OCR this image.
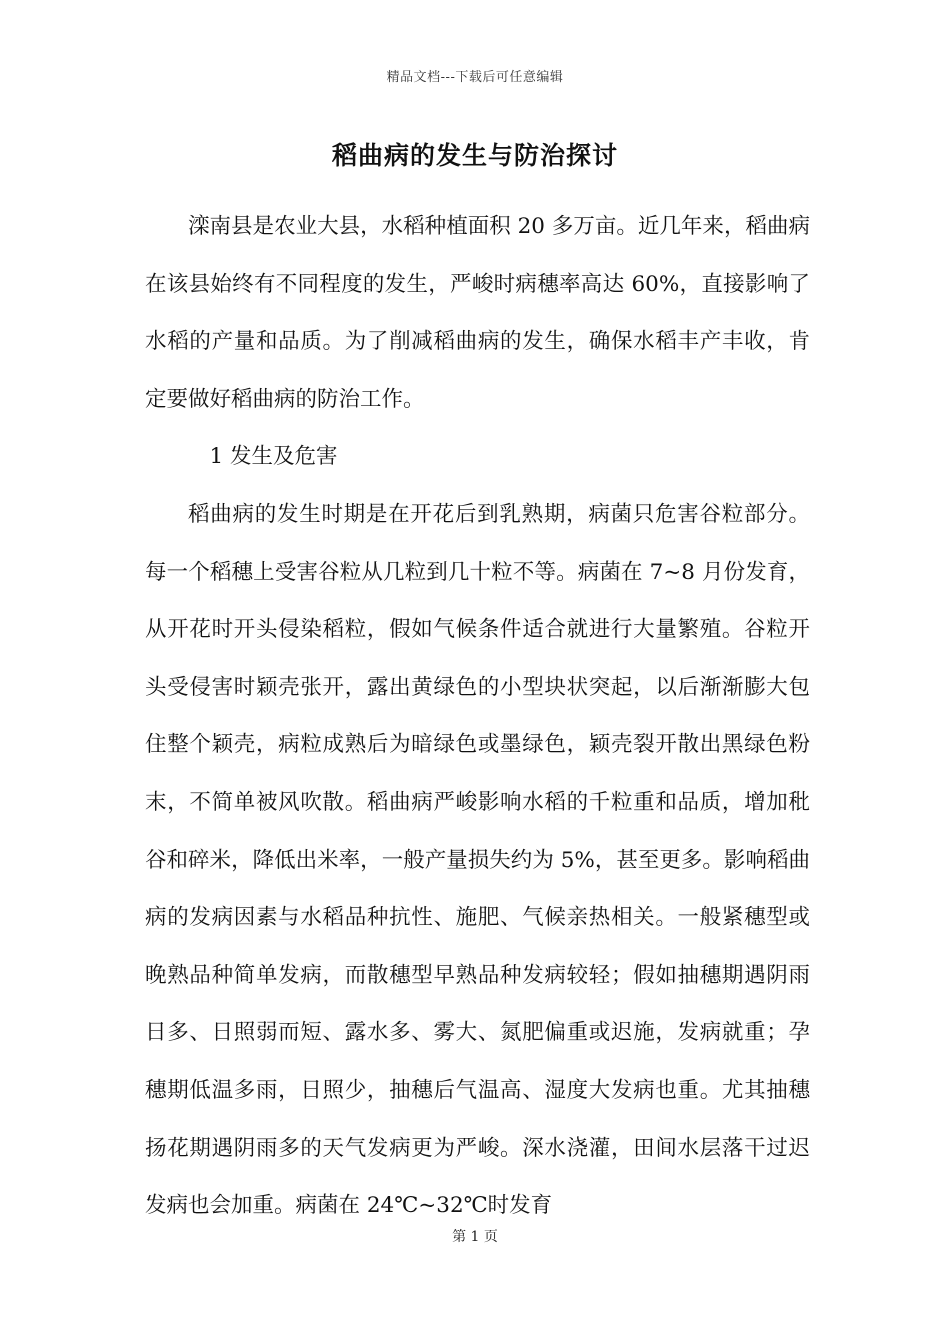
精品文档---下载后可任意编辑
稻曲病的发生与防治探讨

滦南县是农业大县，水稻种植面积 20 多万亩。近几年来，稻曲病在该县始终有不同程度的发生，严峻时病穗率高达 60%，直接影响了水稻的产量和品质。为了削减稻曲病的发生，确保水稻丰产丰收，肯定要做好稻曲病的防治工作。

1 发生及危害

稻曲病的发生时期是在开花后到乳熟期，病菌只危害谷粒部分。每一个稻穗上受害谷粒从几粒到几十粒不等。病菌在 7~8 月份发育，从开花时开头侵染稻粒，假如气候条件适合就进行大量繁殖。谷粒开头受侵害时颖壳张开，露出黄绿色的小型块状突起，以后渐渐膨大包住整个颖壳，病粒成熟后为暗绿色或墨绿色，颖壳裂开散出黑绿色粉末，不简单被风吹散。稻曲病严峻影响水稻的千粒重和品质，增加秕谷和碎米，降低出米率，一般产量损失约为 5%，甚至更多。影响稻曲病的发病因素与水稻品种抗性、施肥、气候亲热相关。一般紧穗型或晚熟品种简单发病，而散穗型早熟品种发病较轻；假如抽穗期遇阴雨日多、日照弱而短、露水多、雾大、氮肥偏重或迟施，发病就重；孕穗期低温多雨，日照少，抽穗后气温高、湿度大发病也重。尤其抽穗扬花期遇阴雨多的天气发病更为严峻。深水浇灌，田间水层落干过迟发病也会加重。病菌在 24℃~32℃时发育

第 1 页
